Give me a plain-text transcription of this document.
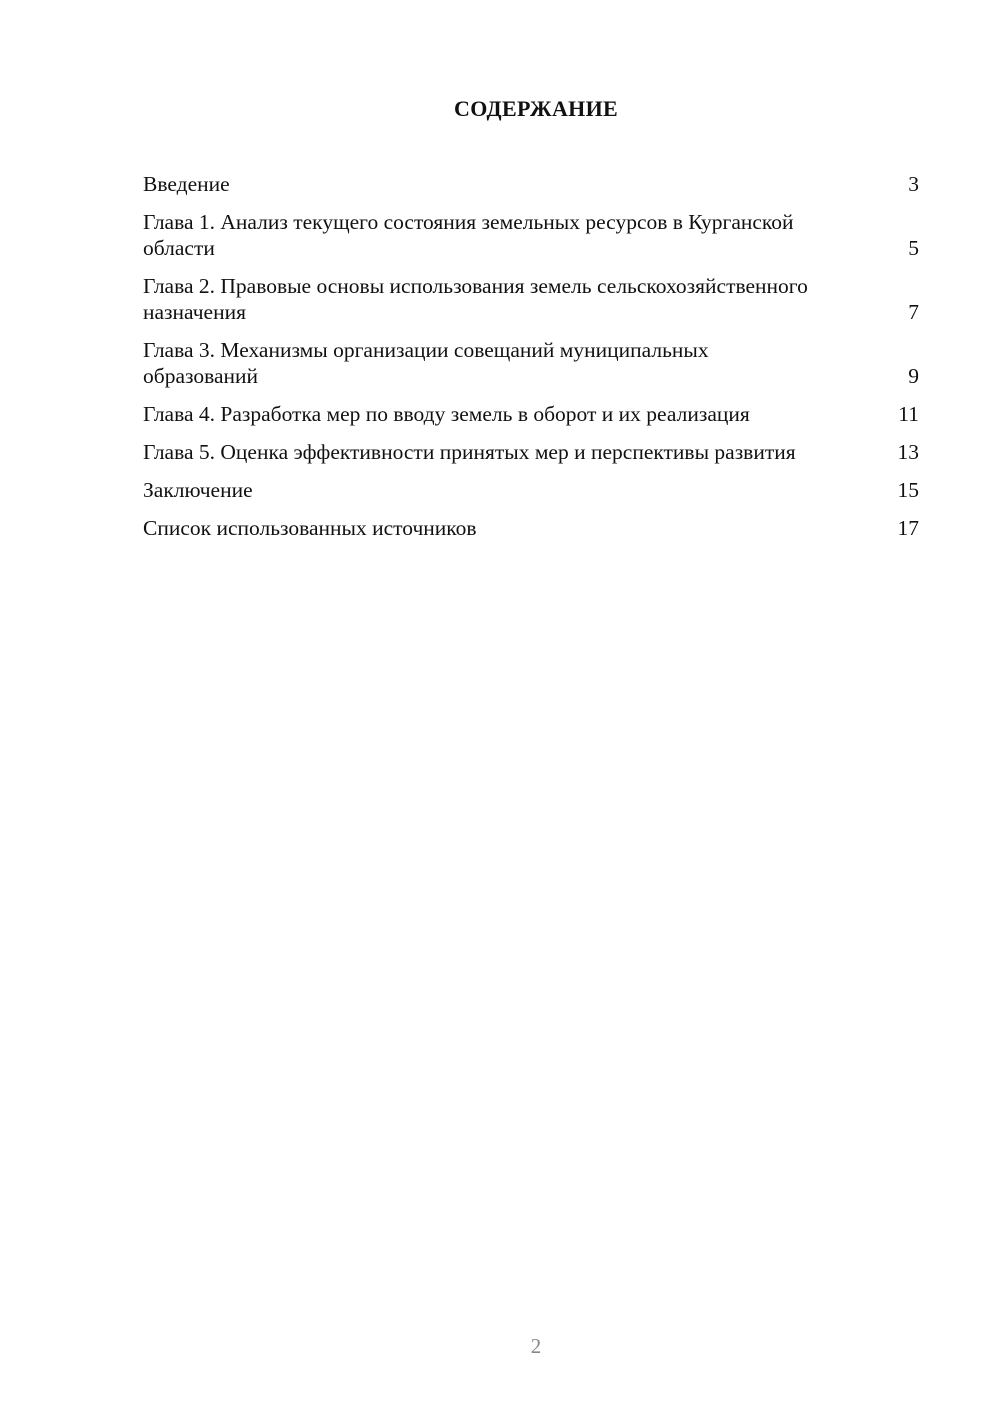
СОДЕРЖАНИЕ
Введение	3
Глава 1. Анализ текущего состояния земельных ресурсов в Курганской области	5
Глава 2. Правовые основы использования земель сельскохозяйственного назначения	7
Глава 3. Механизмы организации совещаний муниципальных образований	9
Глава 4. Разработка мер по вводу земель в оборот и их реализация	11
Глава 5. Оценка эффективности принятых мер и перспективы развития	13
Заключение	15
Список использованных источников	17
2
